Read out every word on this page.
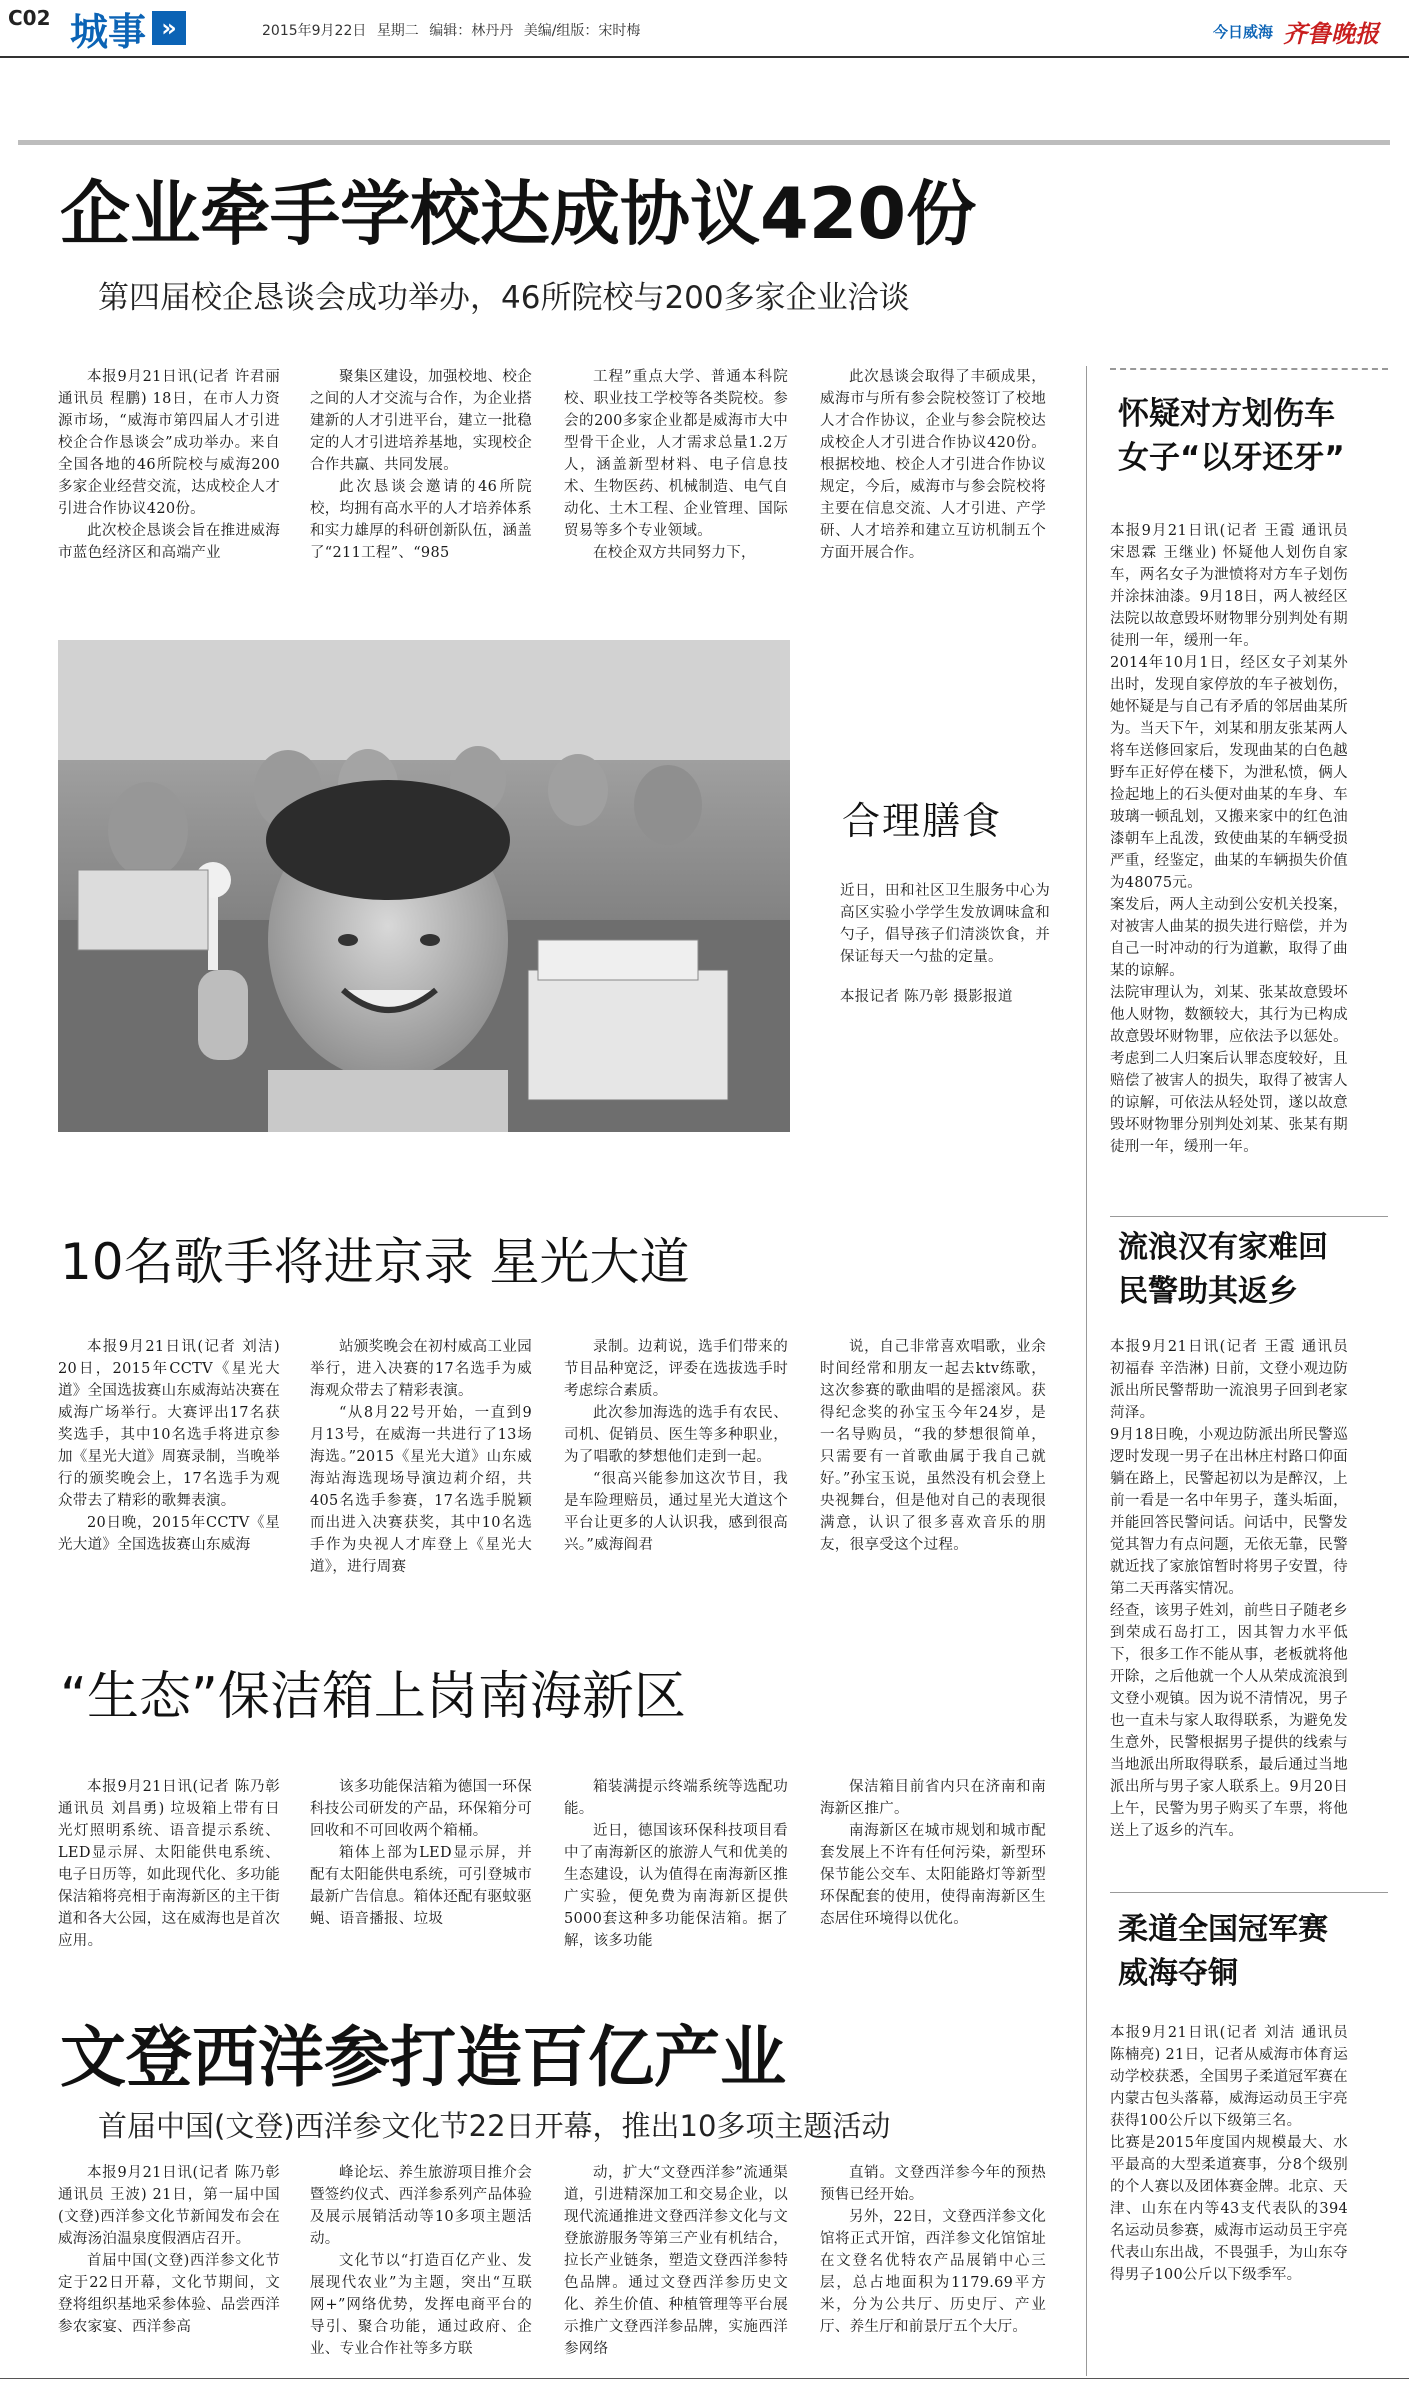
C02 城事 »	2015年9月22日 星期二 编辑：林丹丹 美编/组版：宋时梅	今日威海 齐鲁晚报
企业牵手学校达成协议420份
第四届校企恳谈会成功举办，46所院校与200多家企业洽谈
本报9月21日讯(记者 许君丽 通讯员 程鹏) 18日，在市人力资源市场，“威海市第四届人才引进校企合作恳谈会”成功举办。来自全国各地的46所院校与威海200多家企业经营交流，达成校企人才引进合作协议420份。
此次校企恳谈会旨在推进威海市蓝色经济区和高端产业
聚集区建设，加强校地、校企之间的人才交流与合作，为企业搭建新的人才引进平台，建立一批稳定的人才引进培养基地，实现校企合作共赢、共同发展。
此次恳谈会邀请的46所院校，均拥有高水平的人才培养体系和实力雄厚的科研创新队伍，涵盖了“211工程”、“985
工程”重点大学、普通本科院校、职业技工学校等各类院校。参会的200多家企业都是威海市大中型骨干企业，人才需求总量1.2万人，涵盖新型材料、电子信息技术、生物医药、机械制造、电气自动化、土木工程、企业管理、国际贸易等多个专业领域。
在校企双方共同努力下，
此次恳谈会取得了丰硕成果，威海市与所有参会院校签订了校地人才合作协议，企业与参会院校达成校企人才引进合作协议420份。根据校地、校企人才引进合作协议规定，今后，威海市与参会院校将主要在信息交流、人才引进、产学研、人才培养和建立互访机制五个方面开展合作。
合理膳食
近日，田和社区卫生服务中心为高区实验小学学生发放调味盒和勺子，倡导孩子们清淡饮食，并保证每天一勺盐的定量。
本报记者 陈乃彰 摄影报道
10名歌手将进京录 星光大道
本报9月21日讯(记者 刘洁) 20日，2015年CCTV《星光大道》全国选拔赛山东威海站决赛在威海广场举行。大赛评出17名获奖选手，其中10名选手将进京参加《星光大道》周赛录制，当晚举行的颁奖晚会上，17名选手为观众带去了精彩的歌舞表演。
20日晚，2015年CCTV《星光大道》全国选拔赛山东威海
站颁奖晚会在初村威高工业园举行，进入决赛的17名选手为威海观众带去了精彩表演。
“从8月22号开始，一直到9月13号，在威海一共进行了13场海选。”2015《星光大道》山东威海站海选现场导演边莉介绍，共405名选手参赛，17名选手脱颖而出进入决赛获奖，其中10名选手作为央视人才库登上《星光大道》，进行周赛
录制。边莉说，选手们带来的节目品种宽泛，评委在选拔选手时考虑综合素质。
此次参加海选的选手有农民、司机、促销员、医生等多种职业，为了唱歌的梦想他们走到一起。
“很高兴能参加这次节目，我是车险理赔员，通过星光大道这个平台让更多的人认识我，感到很高兴。”威海阎君
说，自己非常喜欢唱歌，业余时间经常和朋友一起去ktv练歌，这次参赛的歌曲唱的是摇滚风。获得纪念奖的孙宝玉今年24岁，是一名导购员，“我的梦想很简单，只需要有一首歌曲属于我自己就好。”孙宝玉说，虽然没有机会登上央视舞台，但是他对自己的表现很满意，认识了很多喜欢音乐的朋友，很享受这个过程。
“生态”保洁箱上岗南海新区
本报9月21日讯(记者 陈乃彰 通讯员 刘昌勇) 垃圾箱上带有日光灯照明系统、语音提示系统、LED显示屏、太阳能供电系统、电子日历等，如此现代化、多功能保洁箱将亮相于南海新区的主干街道和各大公园，这在威海也是首次应用。
该多功能保洁箱为德国一环保科技公司研发的产品，环保箱分可回收和不可回收两个箱桶。
箱体上部为LED显示屏，并配有太阳能供电系统，可引登城市最新广告信息。箱体还配有驱蚊驱蝇、语音播报、垃圾
箱装满提示终端系统等选配功能。
近日，德国该环保科技项目看中了南海新区的旅游人气和优美的生态建设，认为值得在南海新区推广实验，便免费为南海新区提供5000套这种多功能保洁箱。据了解，该多功能
保洁箱目前省内只在济南和南海新区推广。
南海新区在城市规划和城市配套发展上不许有任何污染，新型环保节能公交车、太阳能路灯等新型环保配套的使用，使得南海新区生态居住环境得以优化。
文登西洋参打造百亿产业
首届中国(文登)西洋参文化节22日开幕，推出10多项主题活动
本报9月21日讯(记者 陈乃彰 通讯员 王波) 21日，第一届中国(文登)西洋参文化节新闻发布会在威海汤泊温泉度假酒店召开。
首届中国(文登)西洋参文化节定于22日开幕，文化节期间，文登将组织基地采参体验、品尝西洋参农家宴、西洋参高
峰论坛、养生旅游项目推介会暨签约仪式、西洋参系列产品体验及展示展销活动等10多项主题活动。
文化节以“打造百亿产业、发展现代农业”为主题，突出“互联网+”网络优势，发挥电商平台的导引、聚合功能，通过政府、企业、专业合作社等多方联
动，扩大“文登西洋参”流通渠道，引进精深加工和交易企业，以现代流通推进文登西洋参文化与文登旅游服务等第三产业有机结合，拉长产业链条，塑造文登西洋参特色品牌。通过文登西洋参历史文化、养生价值、种植管理等平台展示推广文登西洋参品牌，实施西洋参网络
直销。文登西洋参今年的预热预售已经开始。
另外，22日，文登西洋参文化馆将正式开馆，西洋参文化馆馆址在文登名优特农产品展销中心三层，总占地面积为1179.69平方米，分为公共厅、历史厅、产业厅、养生厅和前景厅五个大厅。
怀疑对方划伤车
女子“以牙还牙”
本报9月21日讯(记者 王霞 通讯员 宋恩霖 王继业) 怀疑他人划伤自家车，两名女子为泄愤将对方车子划伤并涂抹油漆。9月18日，两人被经区法院以故意毁坏财物罪分别判处有期徒刑一年，缓刑一年。
2014年10月1日，经区女子刘某外出时，发现自家停放的车子被划伤，她怀疑是与自己有矛盾的邻居曲某所为。当天下午，刘某和朋友张某两人将车送修回家后，发现曲某的白色越野车正好停在楼下，为泄私愤，俩人捡起地上的石头便对曲某的车身、车玻璃一顿乱划，又搬来家中的红色油漆朝车上乱泼，致使曲某的车辆受损严重，经鉴定，曲某的车辆损失价值为48075元。
案发后，两人主动到公安机关投案，对被害人曲某的损失进行赔偿，并为自己一时冲动的行为道歉，取得了曲某的谅解。
法院审理认为，刘某、张某故意毁坏他人财物，数额较大，其行为已构成故意毁坏财物罪，应依法予以惩处。考虑到二人归案后认罪态度较好，且赔偿了被害人的损失，取得了被害人的谅解，可依法从轻处罚，遂以故意毁坏财物罪分别判处刘某、张某有期徒刑一年，缓刑一年。
流浪汉有家难回
民警助其返乡
本报9月21日讯(记者 王霞 通讯员 初福春 辛浩淋) 日前，文登小观边防派出所民警帮助一流浪男子回到老家菏泽。
9月18日晚，小观边防派出所民警巡逻时发现一男子在出林庄村路口仰面躺在路上，民警起初以为是醉汉，上前一看是一名中年男子，蓬头垢面，并能回答民警问话。问话中，民警发觉其智力有点问题，无依无靠，民警就近找了家旅馆暂时将男子安置，待第二天再落实情况。
经查，该男子姓刘，前些日子随老乡到荣成石岛打工，因其智力水平低下，很多工作不能从事，老板就将他开除，之后他就一个人从荣成流浪到文登小观镇。因为说不清情况，男子也一直未与家人取得联系，为避免发生意外，民警根据男子提供的线索与当地派出所取得联系，最后通过当地派出所与男子家人联系上。9月20日上午，民警为男子购买了车票，将他送上了返乡的汽车。
柔道全国冠军赛
威海夺铜
本报9月21日讯(记者 刘洁 通讯员 陈楠亮) 21日，记者从威海市体育运动学校获悉，全国男子柔道冠军赛在内蒙古包头落幕，威海运动员王宇亮获得100公斤以下级第三名。
比赛是2015年度国内规模最大、水平最高的大型柔道赛事，分8个级别的个人赛以及团体赛金牌。北京、天津、山东在内等43支代表队的394名运动员参赛，威海市运动员王宇亮代表山东出战，不畏强手，为山东夺得男子100公斤以下级季军。
